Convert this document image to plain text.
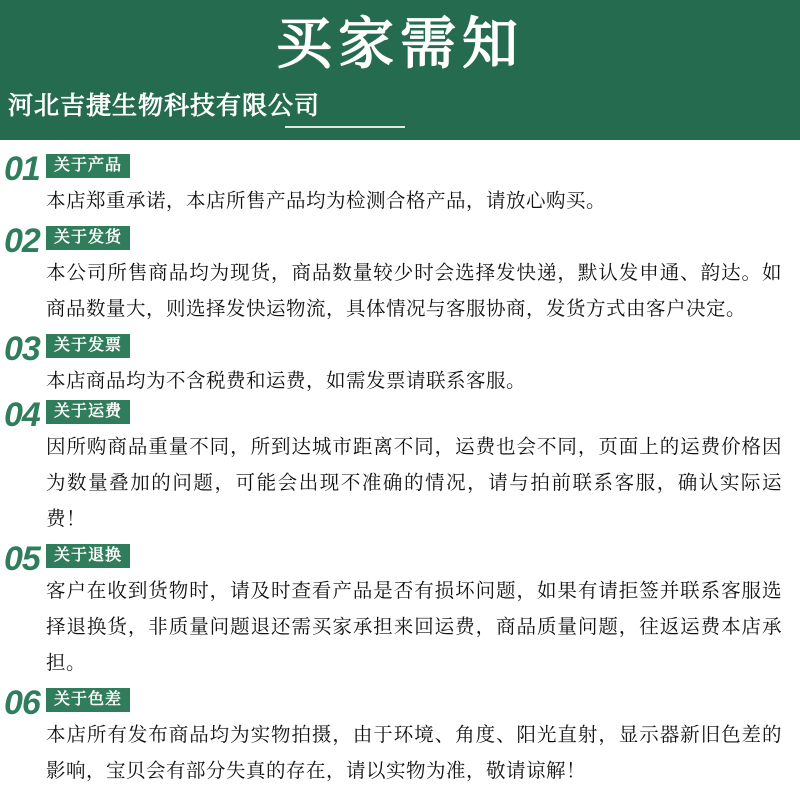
买家需知
河北吉捷生物科技有限公司
01 关于产品

本店郑重承诺，本店所售产品均为检测合格产品，请放心购买。

02 关于发货

本公司所售商品均为现货，商品数量较少时会选择发快递，默认发申通、韵达。如商品数量大，则选择发快运物流，具体情况与客服协商，发货方式由客户决定。

03 关于发票

本店商品均为不含税费和运费，如需发票请联系客服。

04 关于运费

因所购商品重量不同，所到达城市距离不同，运费也会不同，页面上的运费价格因为数量叠加的问题，可能会出现不准确的情况，请与拍前联系客服，确认实际运费！

05 关于退换

客户在收到货物时，请及时查看产品是否有损坏问题，如果有请拒签并联系客服选择退换货，非质量问题退还需买家承担来回运费，商品质量问题，往返运费本店承担。

06 关于色差

本店所有发布商品均为实物拍摄，由于环境、角度、阳光直射，显示器新旧色差的影响，宝贝会有部分失真的存在，请以实物为准，敬请谅解！
